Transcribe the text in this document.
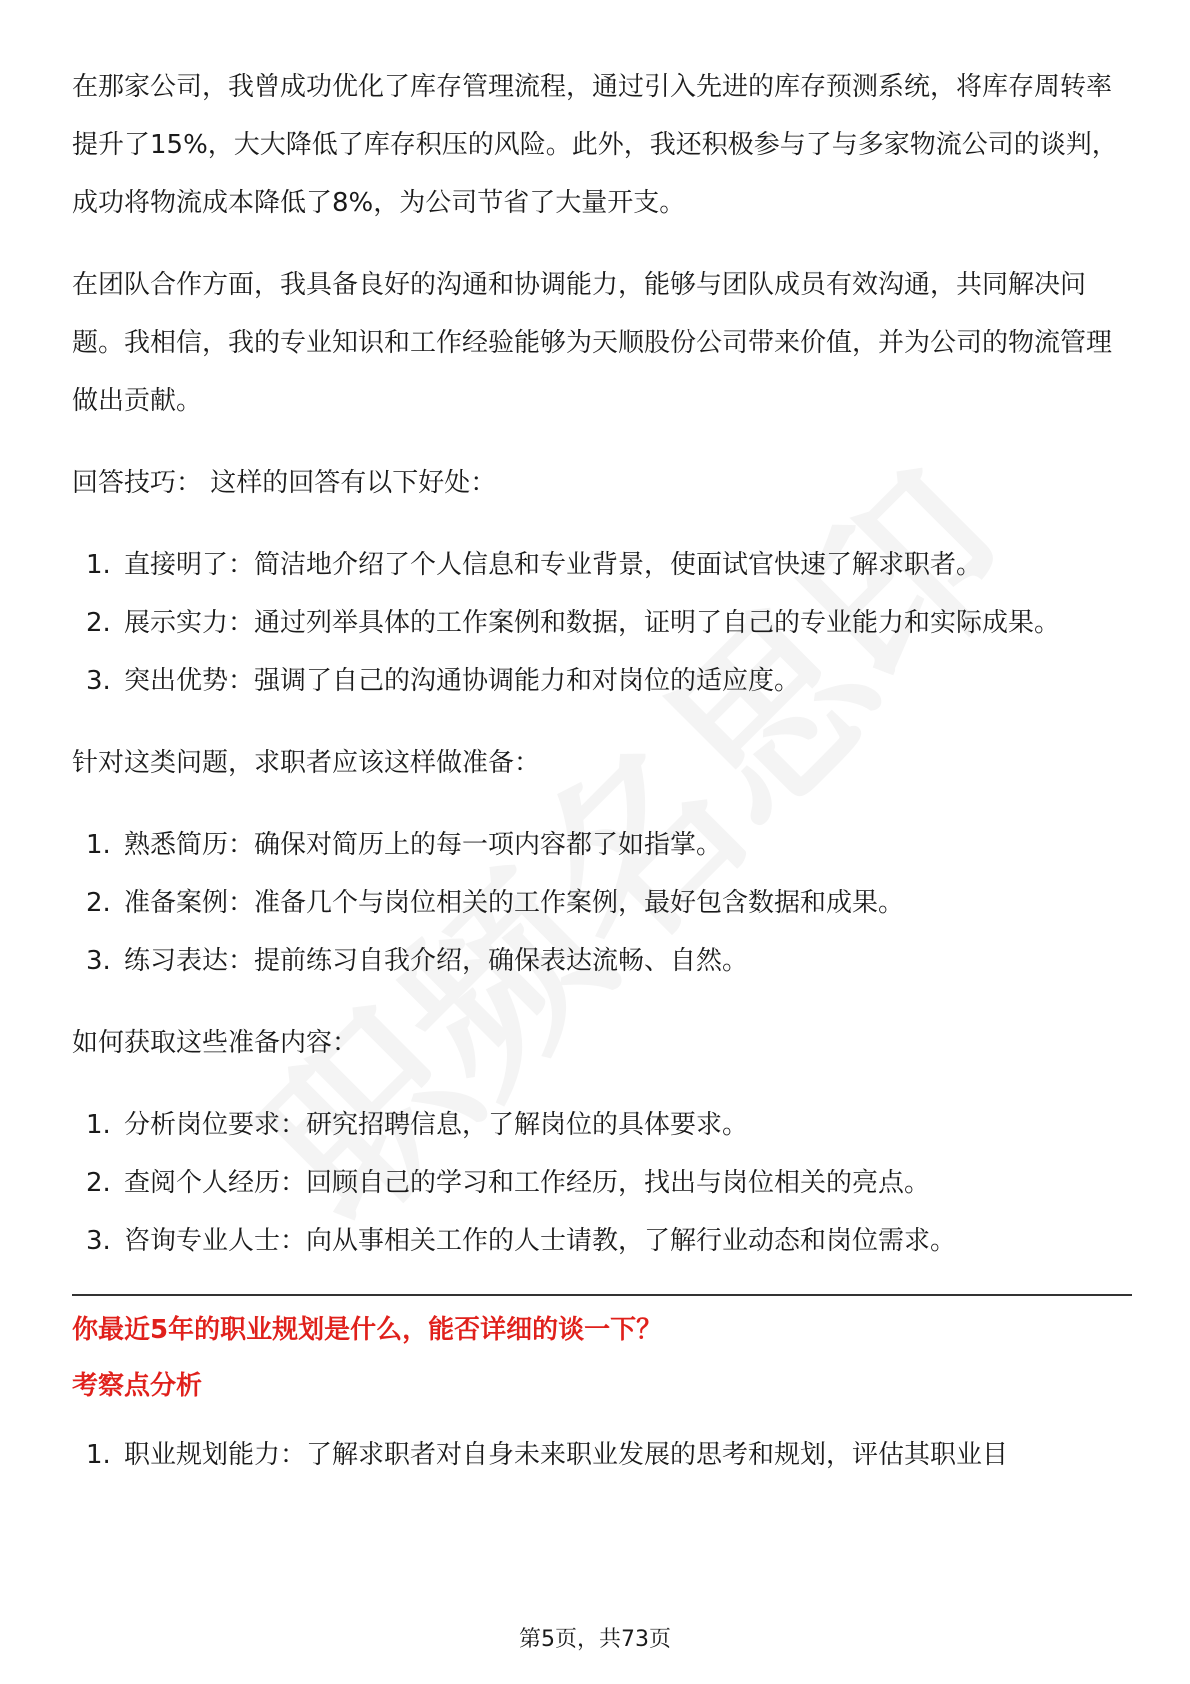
在那家公司，我曾成功优化了库存管理流程，通过引入先进的库存预测系统，将库存周转率提升了15%，大大降低了库存积压的风险。此外，我还积极参与了与多家物流公司的谈判，成功将物流成本降低了8%，为公司节省了大量开支。

在团队合作方面，我具备良好的沟通和协调能力，能够与团队成员有效沟通，共同解决问题。我相信，我的专业知识和工作经验能够为天顺股份公司带来价值，并为公司的物流管理做出贡献。

回答技巧： 这样的回答有以下好处：

1. 直接明了：简洁地介绍了个人信息和专业背景，使面试官快速了解求职者。
2. 展示实力：通过列举具体的工作案例和数据，证明了自己的专业能力和实际成果。
3. 突出优势：强调了自己的沟通协调能力和对岗位的适应度。

针对这类问题，求职者应该这样做准备：

1. 熟悉简历：确保对简历上的每一项内容都了如指掌。
2. 准备案例：准备几个与岗位相关的工作案例，最好包含数据和成果。
3. 练习表达：提前练习自我介绍，确保表达流畅、自然。

如何获取这些准备内容：

1. 分析岗位要求：研究招聘信息，了解岗位的具体要求。
2. 查阅个人经历：回顾自己的学习和工作经历，找出与岗位相关的亮点。
3. 咨询专业人士：向从事相关工作的人士请教，了解行业动态和岗位需求。

你最近5年的职业规划是什么，能否详细的谈一下？

考察点分析

1. 职业规划能力：了解求职者对自身未来职业发展的思考和规划，评估其职业目
第5页，共73页
